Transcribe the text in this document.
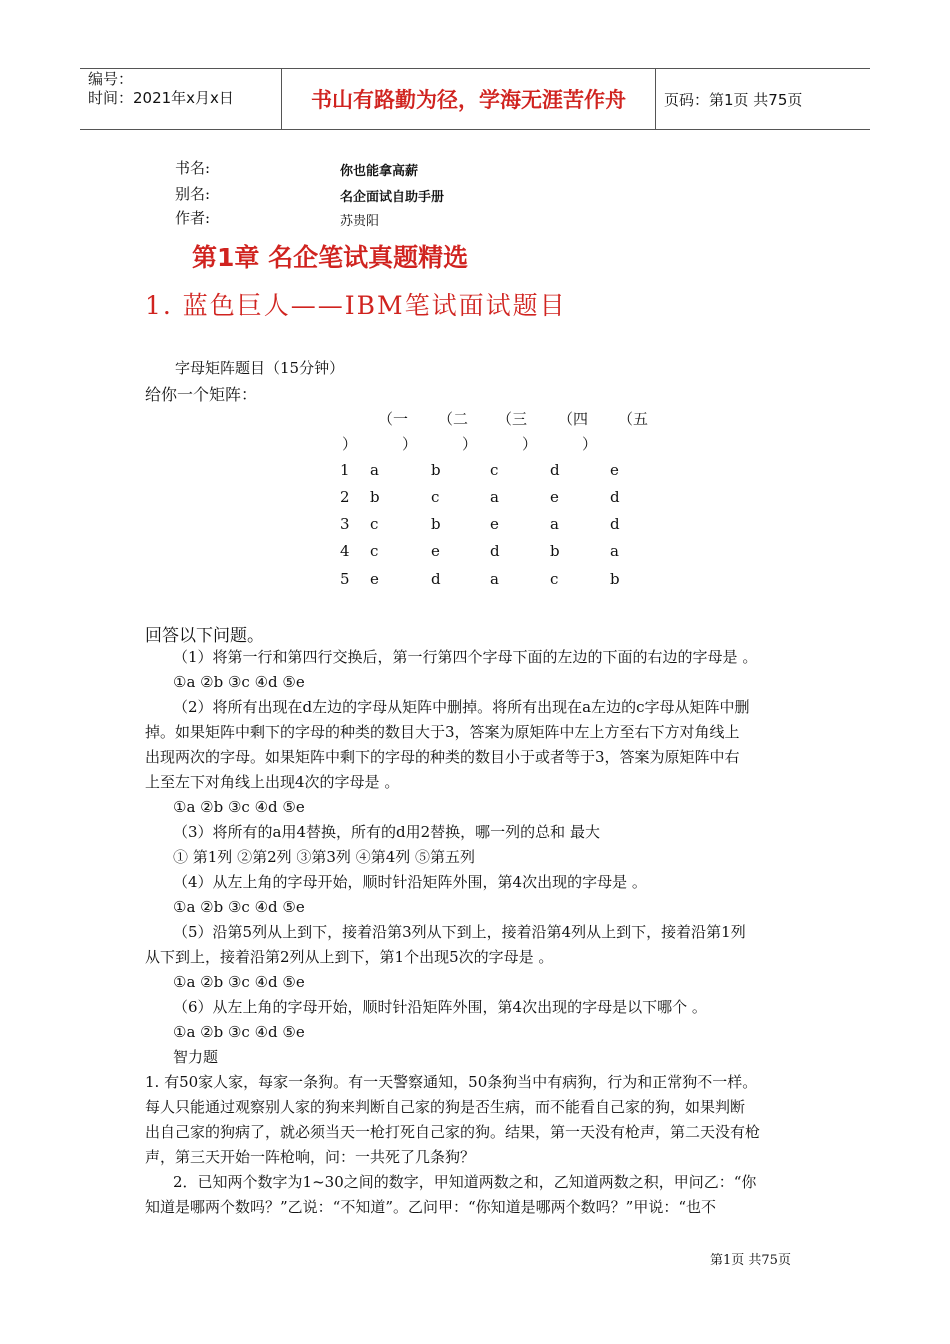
编号：
时间：2021年x月x日	书山有路勤为径，学海无涯苦作舟	页码：第1页 共75页
书名:	你也能拿高薪
别名:	名企面试自助手册
作者:	苏贵阳
第1章 名企笔试真题精选
1. 蓝色巨人——IBM笔试面试题目
字母矩阵题目（15分钟）
给你一个矩阵：
（一 （二 （三 （四 （五
）	）	）	）	）
1 a	b	c	d	e
2 b	c	a	e	d
3 c	b	e	a	d
4 c	e	d	b	a
5 e	d	a	c	b
回答以下问题。
（1）将第一行和第四行交换后，第一行第四个字母下面的左边的下面的右边的字母是 。
①a ②b ③c ④d ⑤e
（2）将所有出现在d左边的字母从矩阵中删掉。将所有出现在a左边的c字母从矩阵中删
掉。如果矩阵中剩下的字母的种类的数目大于3，答案为原矩阵中左上方至右下方对角线上
出现两次的字母。如果矩阵中剩下的字母的种类的数目小于或者等于3，答案为原矩阵中右
上至左下对角线上出现4次的字母是 。
①a ②b ③c ④d ⑤e
（3）将所有的a用4替换，所有的d用2替换，哪一列的总和 最大
① 第1列 ②第2列 ③第3列 ④第4列 ⑤第五列
（4）从左上角的字母开始，顺时针沿矩阵外围，第4次出现的字母是 。
①a ②b ③c ④d ⑤e
（5）沿第5列从上到下，接着沿第3列从下到上，接着沿第4列从上到下，接着沿第1列
从下到上，接着沿第2列从上到下，第1个出现5次的字母是 。
①a ②b ③c ④d ⑤e
（6）从左上角的字母开始，顺时针沿矩阵外围，第4次出现的字母是以下哪个 。
①a ②b ③c ④d ⑤e
智力题
1. 有50家人家，每家一条狗。有一天警察通知，50条狗当中有病狗，行为和正常狗不一样。
每人只能通过观察别人家的狗来判断自己家的狗是否生病，而不能看自己家的狗，如果判断
出自己家的狗病了，就必须当天一枪打死自己家的狗。结果，第一天没有枪声，第二天没有枪
声，第三天开始一阵枪响，问：一共死了几条狗？
2．已知两个数字为1~30之间的数字，甲知道两数之和，乙知道两数之积，甲问乙：“你
知道是哪两个数吗？”乙说：“不知道”。乙问甲：“你知道是哪两个数吗？”甲说：“也不
第1页 共75页
